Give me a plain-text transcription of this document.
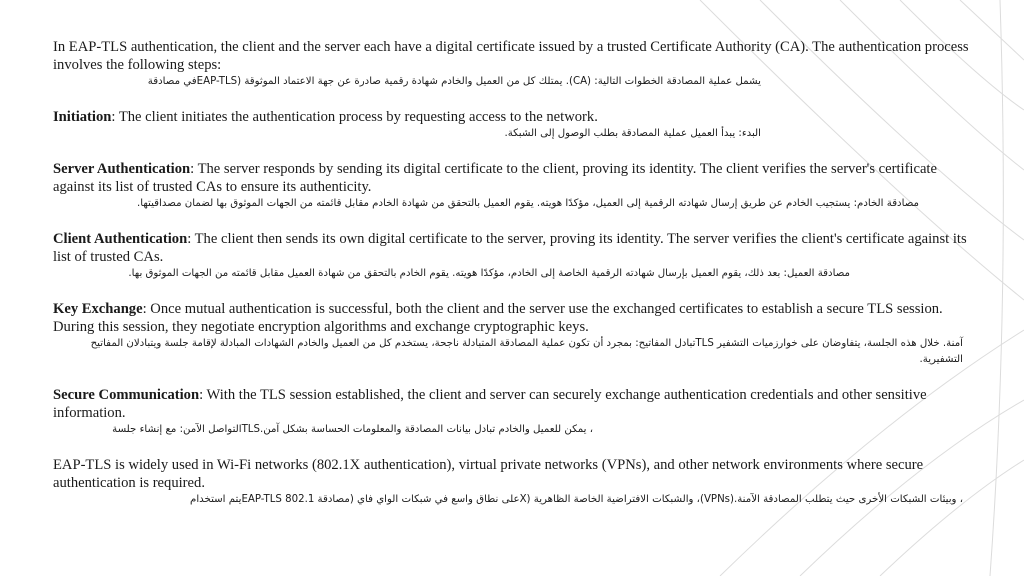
In EAP-TLS authentication, the client and the server each have a digital certificate issued by a trusted Certificate Authority (CA). The authentication process involves the following steps:

يشمل عملية المصادقة الخطوات التالية: (CA). يمتلك كل من العميل والخادم شهادة رقمية صادرة عن جهة الاعتماد الموثوقة (EAP-TLSفي مصادقة

Initiation: The client initiates the authentication process by requesting access to the network.

البدء: يبدأ العميل عملية المصادقة بطلب الوصول إلى الشبكة.

Server Authentication: The server responds by sending its digital certificate to the client, proving its identity. The client verifies the server's certificate against its list of trusted CAs to ensure its authenticity.

مصادقة الخادم: يستجيب الخادم عن طريق إرسال شهادته الرقمية إلى العميل، مؤكدًا هويته. يقوم العميل بالتحقق من شهادة الخادم مقابل قائمته من الجهات الموثوق بها لضمان مصداقيتها.

Client Authentication: The client then sends its own digital certificate to the server, proving its identity. The server verifies the client's certificate against its list of trusted CAs.

مصادقة العميل: بعد ذلك، يقوم العميل بإرسال شهادته الرقمية الخاصة إلى الخادم، مؤكدًا هويته. يقوم الخادم بالتحقق من شهادة العميل مقابل قائمته من الجهات الموثوق بها.

Key Exchange: Once mutual authentication is successful, both the client and the server use the exchanged certificates to establish a secure TLS session. During this session, they negotiate encryption algorithms and exchange cryptographic keys.

آمنة. خلال هذه الجلسة، يتفاوضان على خوارزميات التشفير TLSتبادل المفاتيح: بمجرد أن تكون عملية المصادقة المتبادلة ناجحة، يستخدم كل من العميل والخادم الشهادات المبادلة لإقامة جلسة ويتبادلان المفاتيح التشفيرية.

Secure Communication: With the TLS session established, the client and server can securely exchange authentication credentials and other sensitive information.

، يمكن للعميل والخادم تبادل بيانات المصادقة والمعلومات الحساسة بشكل آمن.TLSالتواصل الآمن: مع إنشاء جلسة

EAP-TLS is widely used in Wi-Fi networks (802.1X authentication), virtual private networks (VPNs), and other network environments where secure authentication is required.

، وبيئات الشبكات الأخرى حيث يتطلب المصادقة الآمنة.(VPNs)، والشبكات الافتراضية الخاصة الظاهرية (Xعلى نطاق واسع في شبكات الواي فاي (مصادقة 802.1 EAP-TLSيتم استخدام
